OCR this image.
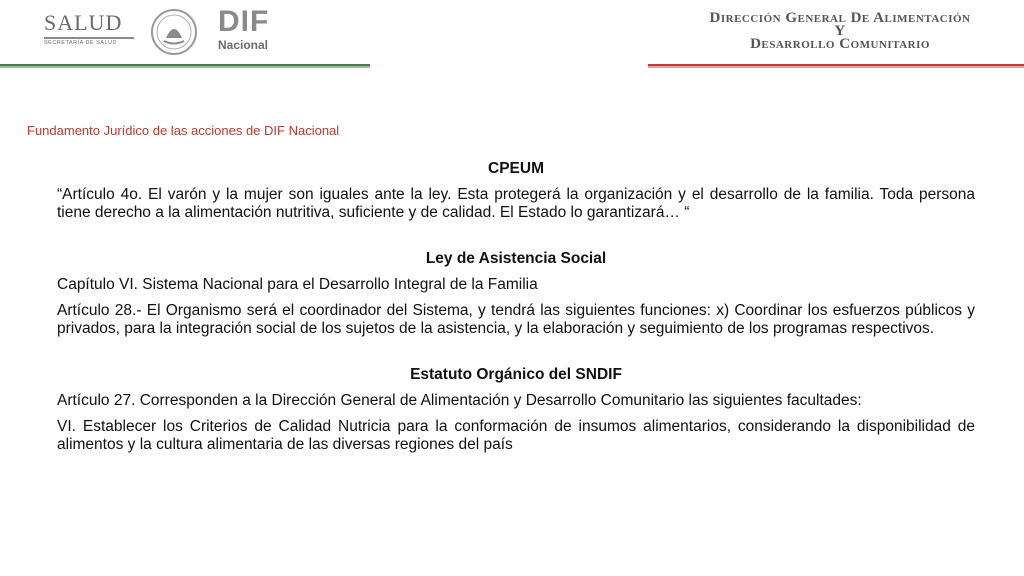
SALUD
SECRETARÍA DE SALUD
DIF
Nacional
Dirección General De Alimentación
Y
Desarrollo Comunitario
Fundamento Jurídico de las acciones de DIF Nacional
CPEUM
“Artículo 4o. El varón y la mujer son iguales ante la ley. Esta protegerá la organización y el desarrollo de la familia. Toda persona tiene derecho a la alimentación nutritiva, suficiente y de calidad. El Estado lo garantizará… “
Ley de Asistencia Social
Capítulo VI. Sistema Nacional para el Desarrollo Integral de la Familia
Artículo 28.- El Organismo será el coordinador del Sistema, y tendrá las siguientes funciones: x) Coordinar los esfuerzos públicos y privados, para la integración social de los sujetos de la asistencia, y la elaboración y seguimiento de los programas respectivos.
Estatuto Orgánico del SNDIF
Artículo 27. Corresponden a la Dirección General de Alimentación y Desarrollo Comunitario las siguientes facultades:
VI. Establecer los Criterios de Calidad Nutricia para la conformación de insumos alimentarios, considerando la disponibilidad de alimentos y la cultura alimentaria de las diversas regiones del país
